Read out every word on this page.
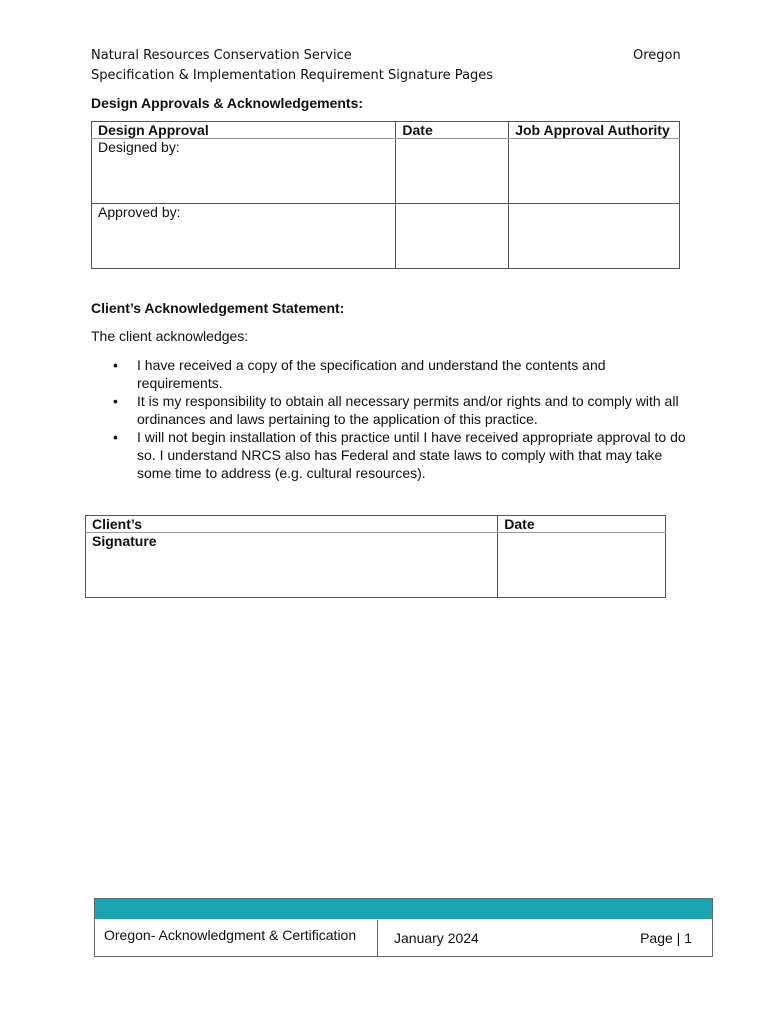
Natural Resources Conservation Service	Oregon
Specification & Implementation Requirement Signature Pages
Design Approvals & Acknowledgements:
Design Approval	Date	Job Approval Authority
Designed by:		
Approved by:		
Client’s Acknowledgement Statement:
The client acknowledges:
• I have received a copy of the specification and understand the contents and requirements.
• It is my responsibility to obtain all necessary permits and/or rights and to comply with all ordinances and laws pertaining to the application of this practice.
• I will not begin installation of this practice until I have received appropriate approval to do so. I understand NRCS also has Federal and state laws to comply with that may take some time to address (e.g. cultural resources).
Client’s	Date
Signature	
Oregon- Acknowledgment & Certification	January 2024	Page | 1
